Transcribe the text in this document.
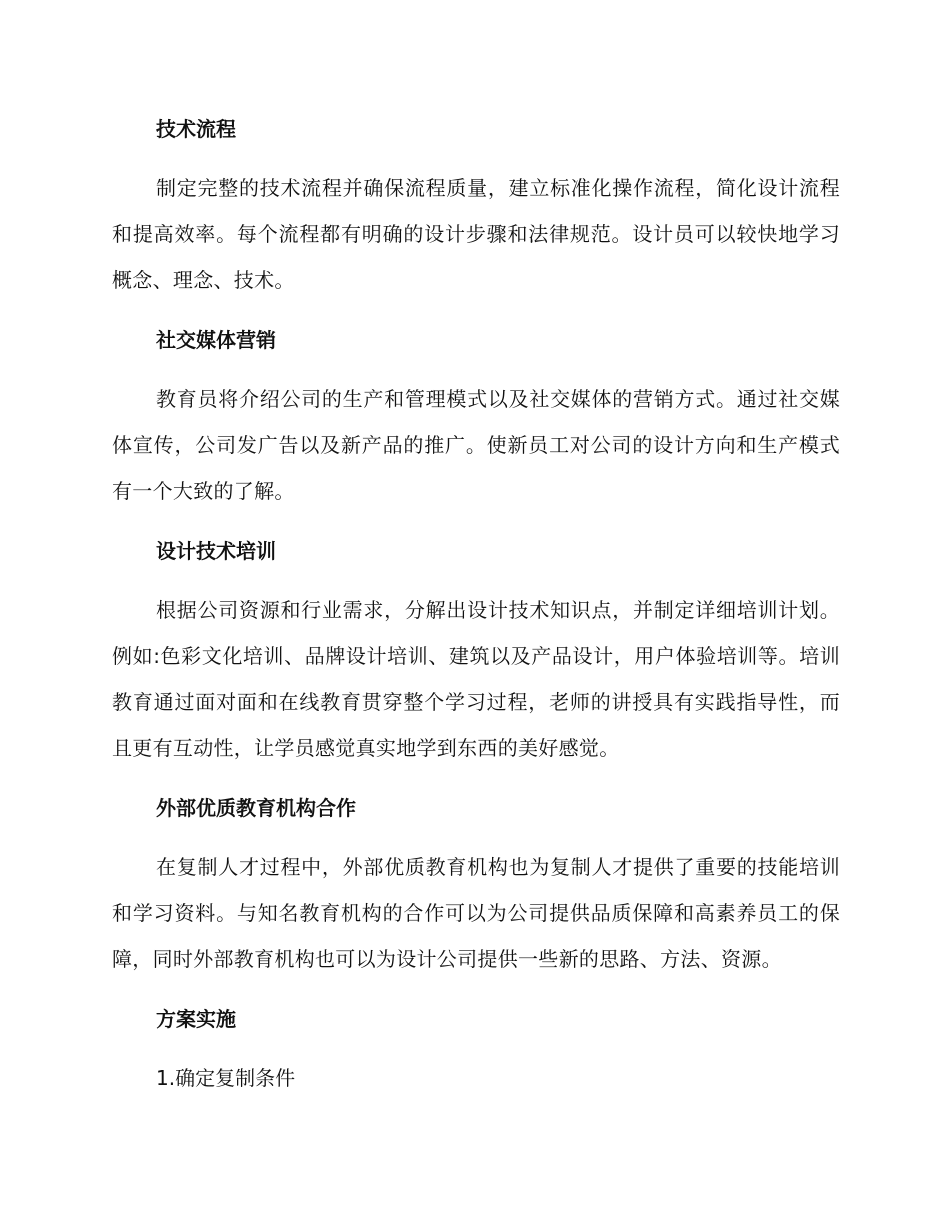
技术流程

制定完整的技术流程并确保流程质量，建立标准化操作流程，简化设计流程和提高效率。每个流程都有明确的设计步骤和法律规范。设计员可以较快地学习概念、理念、技术。

社交媒体营销

教育员将介绍公司的生产和管理模式以及社交媒体的营销方式。通过社交媒体宣传，公司发广告以及新产品的推广。使新员工对公司的设计方向和生产模式有一个大致的了解。

设计技术培训

根据公司资源和行业需求，分解出设计技术知识点，并制定详细培训计划。例如:色彩文化培训、品牌设计培训、建筑以及产品设计，用户体验培训等。培训教育通过面对面和在线教育贯穿整个学习过程，老师的讲授具有实践指导性，而且更有互动性，让学员感觉真实地学到东西的美好感觉。

外部优质教育机构合作

在复制人才过程中，外部优质教育机构也为复制人才提供了重要的技能培训和学习资料。与知名教育机构的合作可以为公司提供品质保障和高素养员工的保障，同时外部教育机构也可以为设计公司提供一些新的思路、方法、资源。

方案实施

1.确定复制条件
